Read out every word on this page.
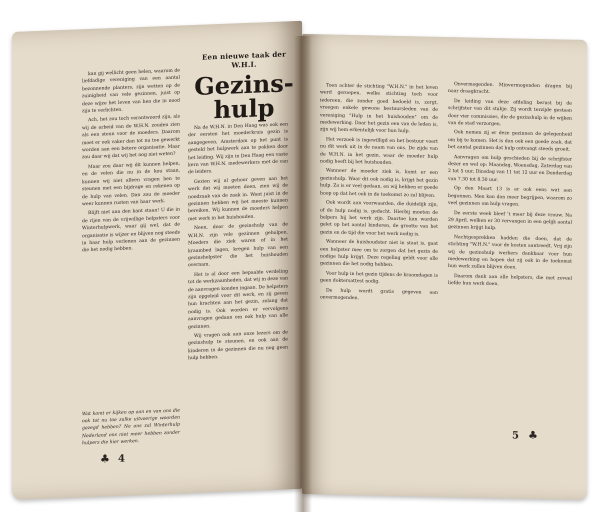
kan gij wellicht geen helen, waarom de liefdadige vereniging van een aantal bezonnende planters, zijn wetten op de zuinigheid van vele gezinnen, juist op deze wijze het leven van hen die in nood zijn te verlichten.

Ach, het zou toch verantwoord zijn, als wij de arbeid van de W.H.N. zouden zien als een steun voor de moeders. Daarom moet er ook vaker dan tot nu toe gewerkt worden aan een betere organisatie. Maar zou daar wij dat wij het nog niet weten?

Maar zou daar wij dit kunnen helpen, en de velen die nu in de kou staan, kunnen wij niet alleen vragen hen te steunen met een bijdrage en rekenen op de hulp van velen. Dan zou de moeder weer kunnen rusten van haar werk.

Blijft niet aan den kant staan! U die in de rijen van de vrijwillige helpsters voor Winterhulpwerk, waar gij wel, dat de organisatie is wijzer en blijven nog steeds in haar hulp verlenen aan de gezinnen die het nodig hebben.

Wat komt er kijken op aan en van ons die ook tot nu toe zulke uitvoerige woorden gezegd hebben? Na ons zal Winterhulp Nederland ons niet meer hebben zonder hulpers die hier werken.
Een nieuwe taak der W.H.I.
Gezins-
hulp

Na de W.H.N. in Den Haag was ook een der eersten het moederkruis gezin is aangegeven, Amsterdam op het punt is gesteld het hulpwerk aan te pakken door het leiding. Wij zijn in Den Haag een vaste kern van W.H.N. medewerkers met de van de leiders.

Gezien wij al gehoor geven aan het werk dat wij moeten doen, zien wij de noodzaak van de zaak in. Want juist in de gezinnen hebben wij het meeste kunnen bereiken. Wij kunnen de moeders helpen met werk in het huishouden.

Neen, door de gezinshulp van de W.H.N. zijn vele gezinnen geholpen. Moeders die ziek waren of in het kraambed lagen, kregen hulp van een gezinshelpster die het huishouden overnam.

Het is al door een bepaalde verdeling tot de werkzaamheden, dat wij in deze van de aanvragen konden ingaan. De helpsters zijn opgeleid voor dit werk, en zij geven hun krachten aan het gezin, zolang dat nodig is. Ook worden er vervolgens aanvragen gedaan om ook hulp van alle gezinnen.

Wij vragen ook aan onze lezers om de gezinshulp te steunen, en ook aan de kinderen in de gezinnen die nu nog geen hulp hebben.

♣ 4

Toen achter de stichting "W.H.N." in het leven werd geroepen, welke stichting toch voor iedereen, die zonder goed bedoeld is, zorgt, vroegen enkele gewone bestuursleden van de vereniging "Hulp in het huishouden" om de medewerking. Daar het gezin een van de leden is, zijn wij hem erkentelijk voor hun hulp.

Het verzoek is ingewilligd en het bestuur voert nu dit werk uit in de naam van ons. De zijde van de W.H.N. in het gezin, waar de moeder hulp nodig heeft bij het huishouden.

Wanneer de moeder ziek is, komt er een gezinshulp. Waar dit ook nodig is, krijgt het gezin hulp. Zo is er veel gedaan, en wij hebben er goede hoop op dat het ook in de toekomst zo zal blijven.

Ook wordt aan voorwaarden, die duidelijk zijn, of de hulp nodig is, gedacht. Hierbij moeten de helpers bij het werk zijn. Daartoe kan worden gelet op het aantal kinderen, de grootte van het gezin en de tijd die voor het werk nodig is.

Wanneer de huishoudster niet in staat is, gaat een helpster mee om te zorgen dat het gezin de nodige hulp krijgt. Deze regeling geldt voor alle gezinnen die het nodig hebben.

Voor hulp in het gezin tijdens de kraamdagen is geen doktersattest nodig.

De hulp wordt gratis gegeven aan onvermogenden.

Onvermogenden. Minvermogenden dragen bij naar draagkracht.

De leiding van deze afdeling berust bij de schrijfster van dit stukje. Zij wordt terzijde gestaan door vier commissies, die de gezinshulp in de wijken van de stad verzorgen.

Ook nemen zij er deze gezinnen de gelegenheid om bij te komen. Het is dan ook een goede zaak, dat het aantal gezinnen dat hulp ontvangt steeds groeit.

Aanvragen om hulp geschieden bij de schrijfster dezer en wel op: Maandag, Woensdag, Zaterdag van 2 tot 5 uur, Dinsdag van 11 tot 12 uur en Donderdag van 7.30 tot 8.30 uur.

Op den Maart 13 is er ook eens wat aan begonnen. Men kan dan meer begrijpen, waarom zo veel gezinnen om hulp vragen.

De eerste week bleef 't maar bij deze vrouw. Na 29 April, welken er 30 vervangen in een gelijk aantal gezinnen krijgt hulp.

Nachtgesprekken hadden die doen, dat de stichting "W.H.N." voor de kosten aantreedt. Vrij zijn wij de gezinshulp werkers dankbaar voor hun medewerking en hopen dat zij ook in de toekomst hun werk zullen blijven doen.

Daarom dank aan alle helpsters, die met zoveel liefde hun werk doen.

♣
5
